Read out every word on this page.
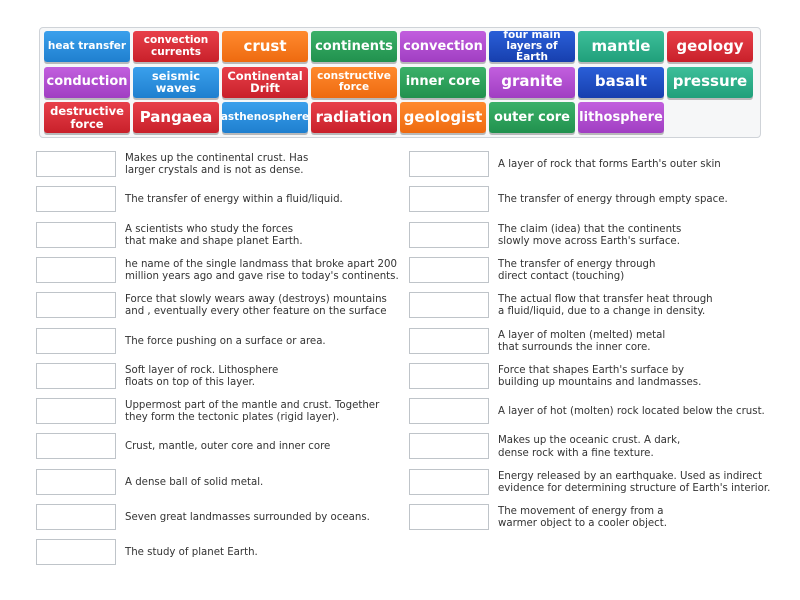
heat transfer	convection
currents	crust	continents convection
four main
layers of Earth
mantle	geology
conduction	seismic
waves
Continental
Drift
constructive
force	inner core	granite	basalt	pressure
destructive
force	Pangaea asthenosphere radiation geologist outer core lithosphere
Makes up the continental crust. Has
larger crystals and is not as dense.
The transfer of energy within a fluid/liquid.
A scientists who study the forces
that make and shape planet Earth.
he name of the single landmass that broke apart 200
million years ago and gave rise to today's continents.
Force that slowly wears away (destroys) mountains
and , eventually every other feature on the surface
The force pushing on a surface or area.
Soft layer of rock. Lithosphere
floats on top of this layer.
Uppermost part of the mantle and crust. Together
they form the tectonic plates (rigid layer).
Crust, mantle, outer core and inner core
A dense ball of solid metal.
Seven great landmasses surrounded by oceans.
The study of planet Earth.
A layer of rock that forms Earth's outer skin
The transfer of energy through empty space.
The claim (idea) that the continents
slowly move across Earth's surface.
The transfer of energy through
direct contact (touching)
The actual flow that transfer heat through
a fluid/liquid, due to a change in density.
A layer of molten (melted) metal
that surrounds the inner core.
Force that shapes Earth's surface by
building up mountains and landmasses.
A layer of hot (molten) rock located below the crust.
Makes up the oceanic crust. A dark,
dense rock with a fine texture.
Energy released by an earthquake. Used as indirect
evidence for determining structure of Earth's interior.
The movement of energy from a
warmer object to a cooler object.
